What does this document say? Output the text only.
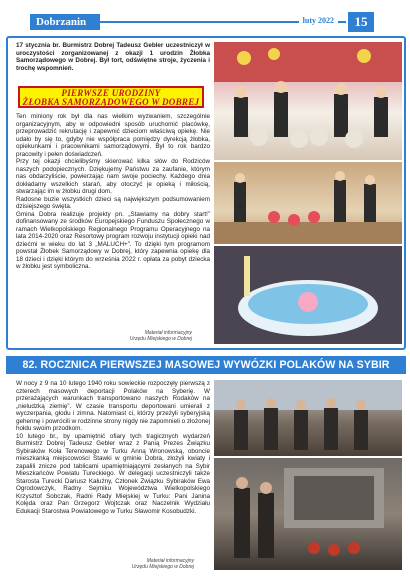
Dobrzanin	luty 2022	15
17 stycznia br. Burmistrz Dobrej Tadeusz Gebler uczestniczył w uroczystości zorganizowanej z okazji 1 urodzin Żłobka Samorządowego w Dobrej. Był tort, odświętne stroje, życzenia i trochę wspomnień.
PIERWSZE URODZINY
ŻŁOBKA SAMORZĄDOWEGO W DOBREJ

Ten miniony rok był dla nas wielkim wyzwaniem, szczególnie organizacyjnym, aby w odpowiedni sposób uruchomić placówkę, przeprowadzić rekrutację i zapewnić dzieciom właściwą opiekę. Nie udało by się to, gdyby nie współpraca pomiędzy dyrekcją żłobka, opiekunkami i pracownikami samorządowymi. Był to rok bardzo pracowity i pełen doświadczeń.

Przy tej okazji chcielibyśmy skierować kilka słów do Rodziców naszych podopiecznych. Dziękujemy Państwu za zaufanie, którym nas obdarzyliście, powierzając nam swoje pociechy. Każdego dnia dokładamy wszelkich starań, aby otoczyć je opieką i miłością, stwarzając im w żłobku drugi dom.

Radosne buzie wszystkich dzieci są największym podsumowaniem dzisiejszego święta.

Gmina Dobra realizuje projekty pn. „Stawiamy na dobry start!” dofinansowany ze środków Europejskiego Funduszu Społecznego w ramach Wielkopolskiego Regionalnego Programu Operacyjnego na lata 2014-2020 oraz Resortowy program rozwoju instytucji opieki nad dziećmi w wieku do lat 3 „MALUCH+”. To dzięki tym programom powstał Żłobek Samorządowy w Dobrej, który zapewnia opiekę dla 18 dzieci i dzięki którym do września 2022 r. opłata za pobyt dziecka w żłobku jest symboliczna.

Materiał informacyjny
Urzędu Miejskiego w Dobrej
82. ROCZNICA PIERWSZEJ MASOWEJ WYWÓZKI POLAKÓW NA SYBIR

W nocy z 9 na 10 lutego 1940 roku sowieckie rozpoczęły pierwszą z czterech masowych deportacji Polaków na Syberię. W przerażających warunkach transportowano naszych Rodaków na „nieludzką ziemię”. W czasie transportu deportowani umierali z wyczerpania, głodu i zimna. Natomiast ci, którzy przeżyli syberyjską gehennę i powrócili w rodzinne strony nigdy nie zapomnieli o złożonej hołdu swoim przodkom.

10 lutego br., by upamiętnić ofiary tych tragicznych wydarzeń Burmistrz Dobrej Tadeusz Gebler wraz z Panią Prezes Związku Sybiraków Koła Terenowego w Turku Anną Wronowską, oboncie mieszkanką miejscowości Stawki w gminie Dobra, złożyli kwiaty i zapalili znicze pod tablicami upamiętniającymi zesłanych na Sybir Mieszkańców Powiatu Tureckiego. W delegacji uczestniczyli także Starosta Turecki Dariusz Kałużny, Członek Związku Sybiraków Ewa Ogrodowczyk, Radny Sejmiku Województwa Wielkopolskiego Krzysztof Sobczak, Radni Rady Miejskiej w Turku: Pani Janina Kolęda oraz Pan Grzegorz Wojtczak oraz Naczelnik Wydziału Edukacji Starostwa Powiatowego w Turku Sławomir Kosobudzki.

Materiał informacyjny
Urzędu Miejskiego w Dobrej
